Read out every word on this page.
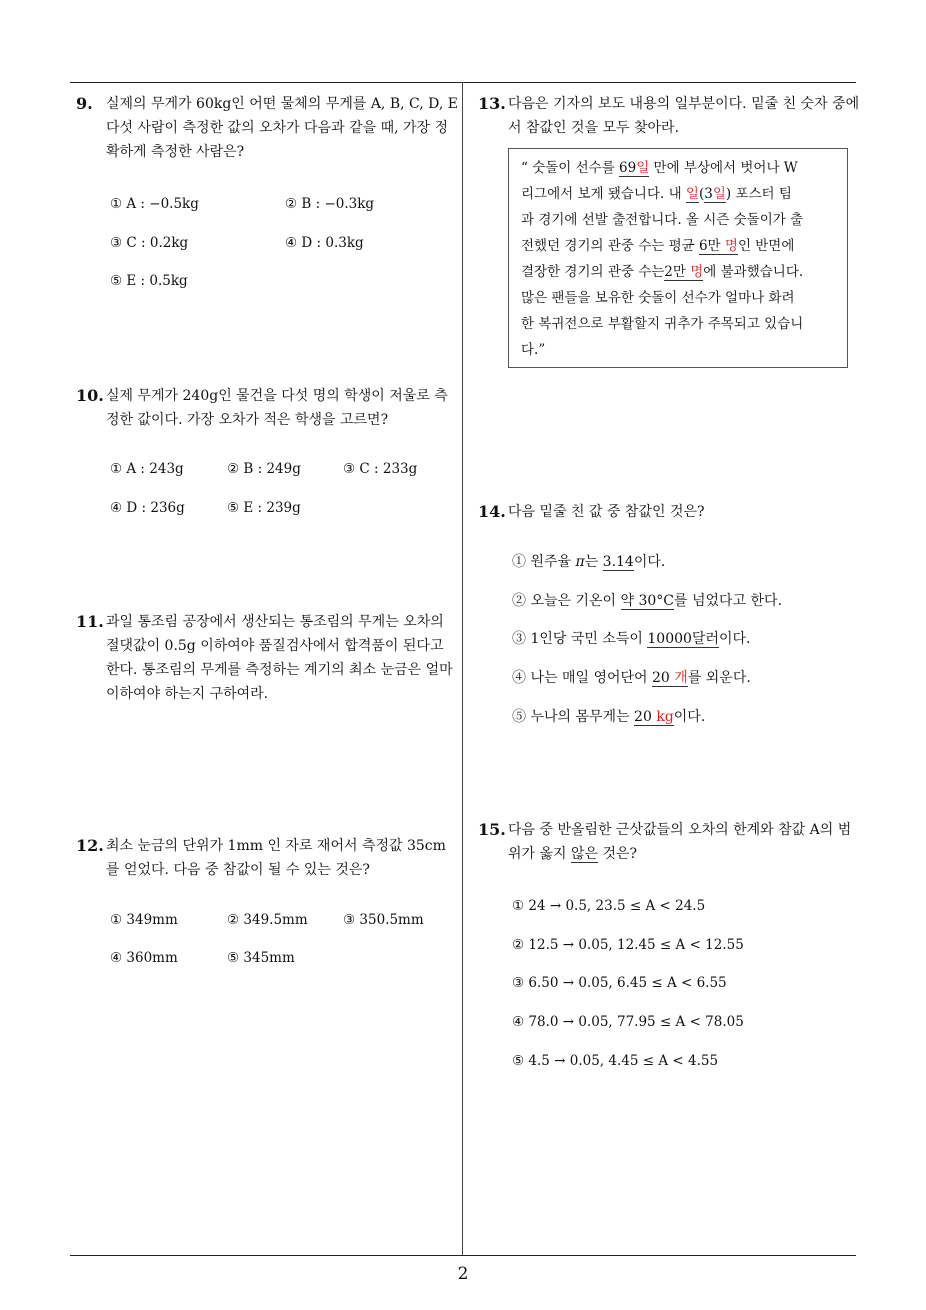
9. 실제의 무게가 60kg인 어떤 물체의 무게를 A, B, C, D, E 다섯 사람이 측정한 값의 오차가 다음과 같을 때, 가장 정확하게 측정한 사람은?
① A : −0.5kg	② B : −0.3kg
③ C : 0.2kg	④ D : 0.3kg
⑤ E : 0.5kg
10. 실제 무게가 240g인 물건을 다섯 명의 학생이 저울로 측정한 값이다. 가장 오차가 적은 학생을 고르면?
① A : 243g	② B : 249g	③ C : 233g
④ D : 236g	⑤ E : 239g
11. 과일 통조림 공장에서 생산되는 통조림의 무게는 오차의 절댓값이 0.5g 이하여야 품질검사에서 합격품이 된다고 한다. 통조림의 무게를 측정하는 계기의 최소 눈금은 얼마 이하여야 하는지 구하여라.
12. 최소 눈금의 단위가 1mm 인 자로 재어서 측정값 35cm를 얻었다. 다음 중 참값이 될 수 있는 것은?
① 349mm	② 349.5mm	③ 350.5mm
④ 360mm	⑤ 345mm
13. 다음은 기자의 보도 내용의 일부분이다. 밑줄 친 숫자 중에서 참값인 것을 모두 찾아라.
“ 숫돌이 선수를 69일 만에 부상에서 벗어나 W
리그에서 보게 됐습니다. 내 일(3일) 포스터 팀
과 경기에 선발 출전합니다. 올 시즌 숫돌이가 출
전했던 경기의 관중 수는 평균 6만 명인 반면에
결장한 경기의 관중 수는2만 명에 불과했습니다.
많은 팬들을 보유한 숫돌이 선수가 얼마나 화려
한 복귀전으로 부활할지 귀추가 주목되고 있습니
다.”
14. 다음 밑줄 친 값 중 참값인 것은?
① 원주율 π는 3.14이다.
② 오늘은 기온이 약 30°C를 넘었다고 한다.
③ 1인당 국민 소득이 10000달러이다.
④ 나는 매일 영어단어 20 개를 외운다.
⑤ 누나의 몸무게는 20 kg이다.
15. 다음 중 반올림한 근삿값들의 오차의 한계와 참값 A의 범위가 옳지 않은 것은?
① 24 → 0.5, 23.5 ≤ A < 24.5
② 12.5 → 0.05, 12.45 ≤ A < 12.55
③ 6.50 → 0.05, 6.45 ≤ A < 6.55
④ 78.0 → 0.05, 77.95 ≤ A < 78.05
⑤ 4.5 → 0.05, 4.45 ≤ A < 4.55
2
